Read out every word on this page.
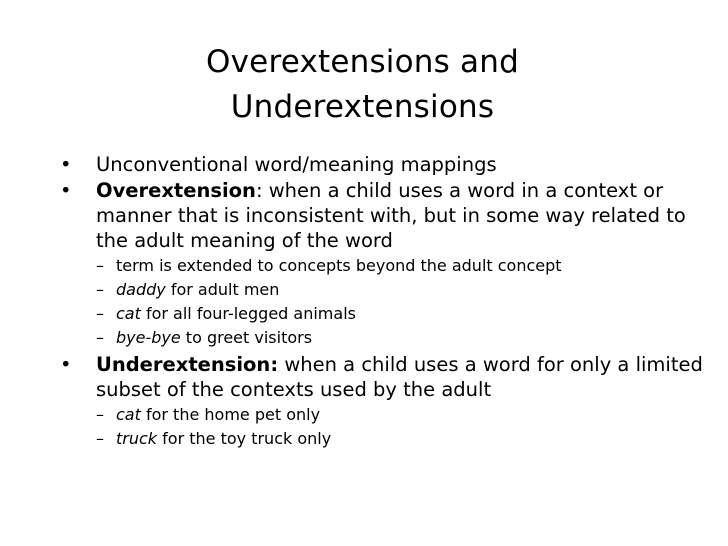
Overextensions and
Underextensions
• Unconventional word/meaning mappings
• Overextension: when a child uses a word in a context or manner that is inconsistent with, but in some way related to the adult meaning of the word
– term is extended to concepts beyond the adult concept
– daddy for adult men
– cat for all four-legged animals
– bye-bye to greet visitors
• Underextension: when a child uses a word for only a limited subset of the contexts used by the adult
– cat for the home pet only
– truck for the toy truck only
